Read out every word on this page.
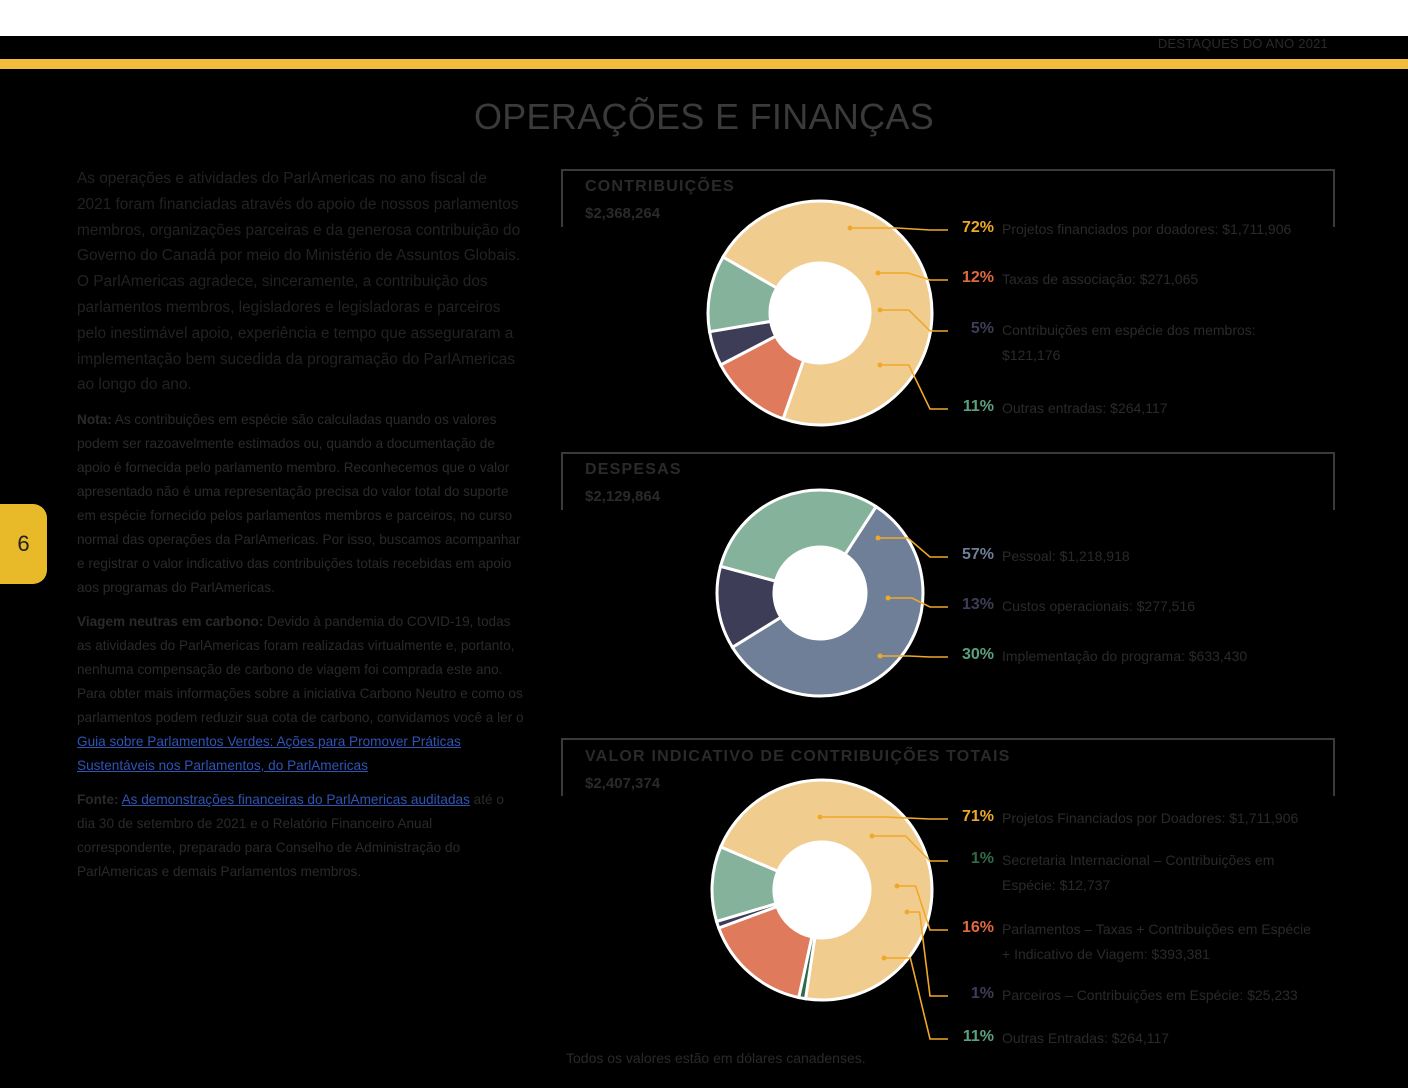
DESTAQUES DO ANO 2021
OPERAÇÕES E FINANÇAS
6

As operações e atividades do ParlAmericas no ano fiscal de 2021 foram financiadas através do apoio de nossos parlamentos membros, organizações parceiras e da generosa contribuição do Governo do Canadá por meio do Ministério de Assuntos Globais. O ParlAmericas agradece, sinceramente, a contribuição dos parlamentos membros, legisladores e legisladoras e parceiros pelo inestimável apoio, experiência e tempo que asseguraram a implementação bem sucedida da programação do ParlAmericas ao longo do ano.

Nota: As contribuições em espécie são calculadas quando os valores podem ser razoavelmente estimados ou, quando a documentação de apoio é fornecida pelo parlamento membro. Reconhecemos que o valor apresentado não é uma representação precisa do valor total do suporte em espécie fornecido pelos parlamentos membros e parceiros, no curso normal das operações da ParlAmericas. Por isso, buscamos acompanhar e registrar o valor indicativo das contribuições totais recebidas em apoio aos programas do ParlAmericas.

Viagem neutras em carbono: Devido à pandemia do COVID-19, todas as atividades do ParlAmericas foram realizadas virtualmente e, portanto, nenhuma compensação de carbono de viagem foi comprada este ano. Para obter mais informações sobre a iniciativa Carbono Neutro e como os parlamentos podem reduzir sua cota de carbono, convidamos você a ler o Guia sobre Parlamentos Verdes: Ações para Promover Práticas Sustentáveis nos Parlamentos, do ParlAmericas

Fonte: As demonstrações financeiras do ParlAmericas auditadas até o dia 30 de setembro de 2021 e o Relatório Financeiro Anual correspondente, preparado para Conselho de Administração do ParlAmericas e demais Parlamentos membros.

CONTRIBUIÇÕES
$2,368,264
DESPESAS
$2,129,864
VALOR INDICATIVO DE CONTRIBUIÇÕES TOTAIS
$2,407,374
72% Projetos financiados por doadores: $1,711,906
12% Taxas de associação: $271,065
5% Contribuições em espécie dos membros:
$121,176
11% Outras entradas: $264,117
57% Pessoal: $1,218,918
13% Custos operacionais: $277,516
30% Implementação do programa: $633,430
71% Projetos Financiados por Doadores: $1,711,906
1% Secretaria Internacional – Contribuições em
Espécie: $12,737
16% Parlamentos – Taxas + Contribuições em Espécie
+ Indicativo de Viagem: $393,381
1% Parceiros – Contribuições em Espécie: $25,233
11% Outras Entradas: $264,117
Todos os valores estão em dólares canadenses.
